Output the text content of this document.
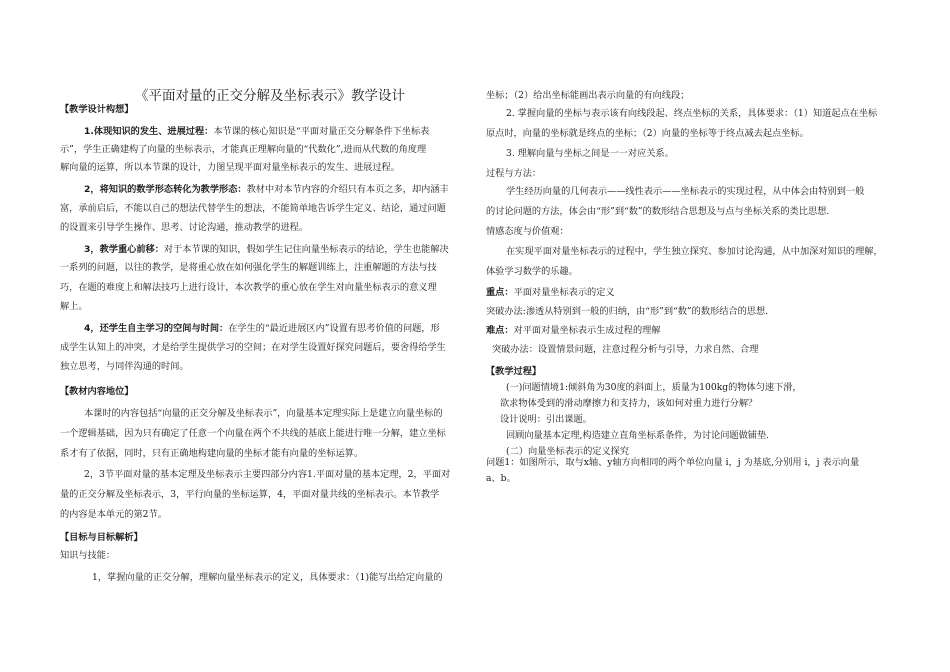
《平面对量的正交分解及坐标表示》教学设计
【教学设计构想】
1.体现知识的发生、进展过程：本节课的核心知识是“平面对量正交分解条件下坐标表
示”，学生正确建构了向量的坐标表示，才能真正理解向量的“代数化”,进而从代数的角度理
解向量的运算，所以本节课的设计，力图呈现平面对量坐标表示的发生、进展过程。
2，将知识的数学形态转化为教学形态：教材中对本节内容的介绍只有本页之多，却内涵丰
富，承前启后，不能以自己的想法代替学生的想法，不能简单地告诉学生定义、结论，通过问题
的设置来引导学生操作、思考、讨论沟通，推动教学的进程。
3，教学重心前移：对于本节课的知识，假如学生记住向量坐标表示的结论，学生也能解决
一系列的问题，以往的教学，是将重心放在如何强化学生的解题训练上，注重解题的方法与技
巧，在题的难度上和解法技巧上进行设计，本次教学的重心放在学生对向量坐标表示的意义理
解上。
4，还学生自主学习的空间与时间：在学生的“最近进展区内”设置有思考价值的问题，形
成学生认知上的冲突，才是给学生提供学习的空间；在对学生设置好探究问题后，要舍得给学生
独立思考，与同伴沟通的时间。
【教材内容地位】
本课时的内容包括“向量的正交分解及坐标表示”，向量基本定理实际上是建立向量坐标的
一个逻辑基础，因为只有确定了任意一个向量在两个不共线的基底上能进行唯一分解，建立坐标
系才有了依据，同时，只有正确地构建向量的坐标才能有向量的坐标运算。
2，3节平面对量的基本定理及坐标表示主要四部分内容1.平面对量的基本定理，2，平面对
量的正交分解及坐标表示，3，平行向量的坐标运算，4，平面对量共线的坐标表示。本节教学
的内容是本单元的第2节。
【目标与目标解析】
知识与技能：
1，掌握向量的正交分解，理解向量坐标表示的定义，具体要求：（1)能写出给定向量的
坐标；（2）给出坐标能画出表示向量的有向线段；
2. 掌握向量的坐标与表示该有向线段起、终点坐标的关系，具体要求：（1）知道起点在坐标
原点时，向量的坐标就是终点的坐标；（2）向量的坐标等于终点减去起点坐标。
3. 理解向量与坐标之间是一一对应关系。
过程与方法：
学生经历向量的几何表示——线性表示——坐标表示的实现过程，从中体会由特别到一般
的讨论问题的方法，体会由“形”到“数”的数形结合思想及与点与坐标关系的类比思想.
情感态度与价值观：
在实现平面对量坐标表示的过程中，学生独立探究、参加讨论沟通，从中加深对知识的理解，
体验学习数学的乐趣。
重点：平面对量坐标表示的定义
突破办法:渗透从特别到一般的归纳，由“形”到“数”的数形结合的思想.
难点：对平面对量坐标表示生成过程的理解
突破办法：设置情景问题，注意过程分析与引导，力求自然、合理
【教学过程】
(一)问题情境1:倾斜角为30度的斜面上，质量为100kg的物体匀速下滑，
欲求物体受到的滑动摩擦力和支持力，该如何对重力进行分解？
设计说明：引出课题。
回顾向量基本定理,构造建立直角坐标系条件，为讨论问题做铺垫.
(二）向量坐标表示的定义探究
问题1：如图所示，取与x轴、y轴方向相同的两个单位向量 i，j 为基底,分别用 i，j 表示向量
a、b。
